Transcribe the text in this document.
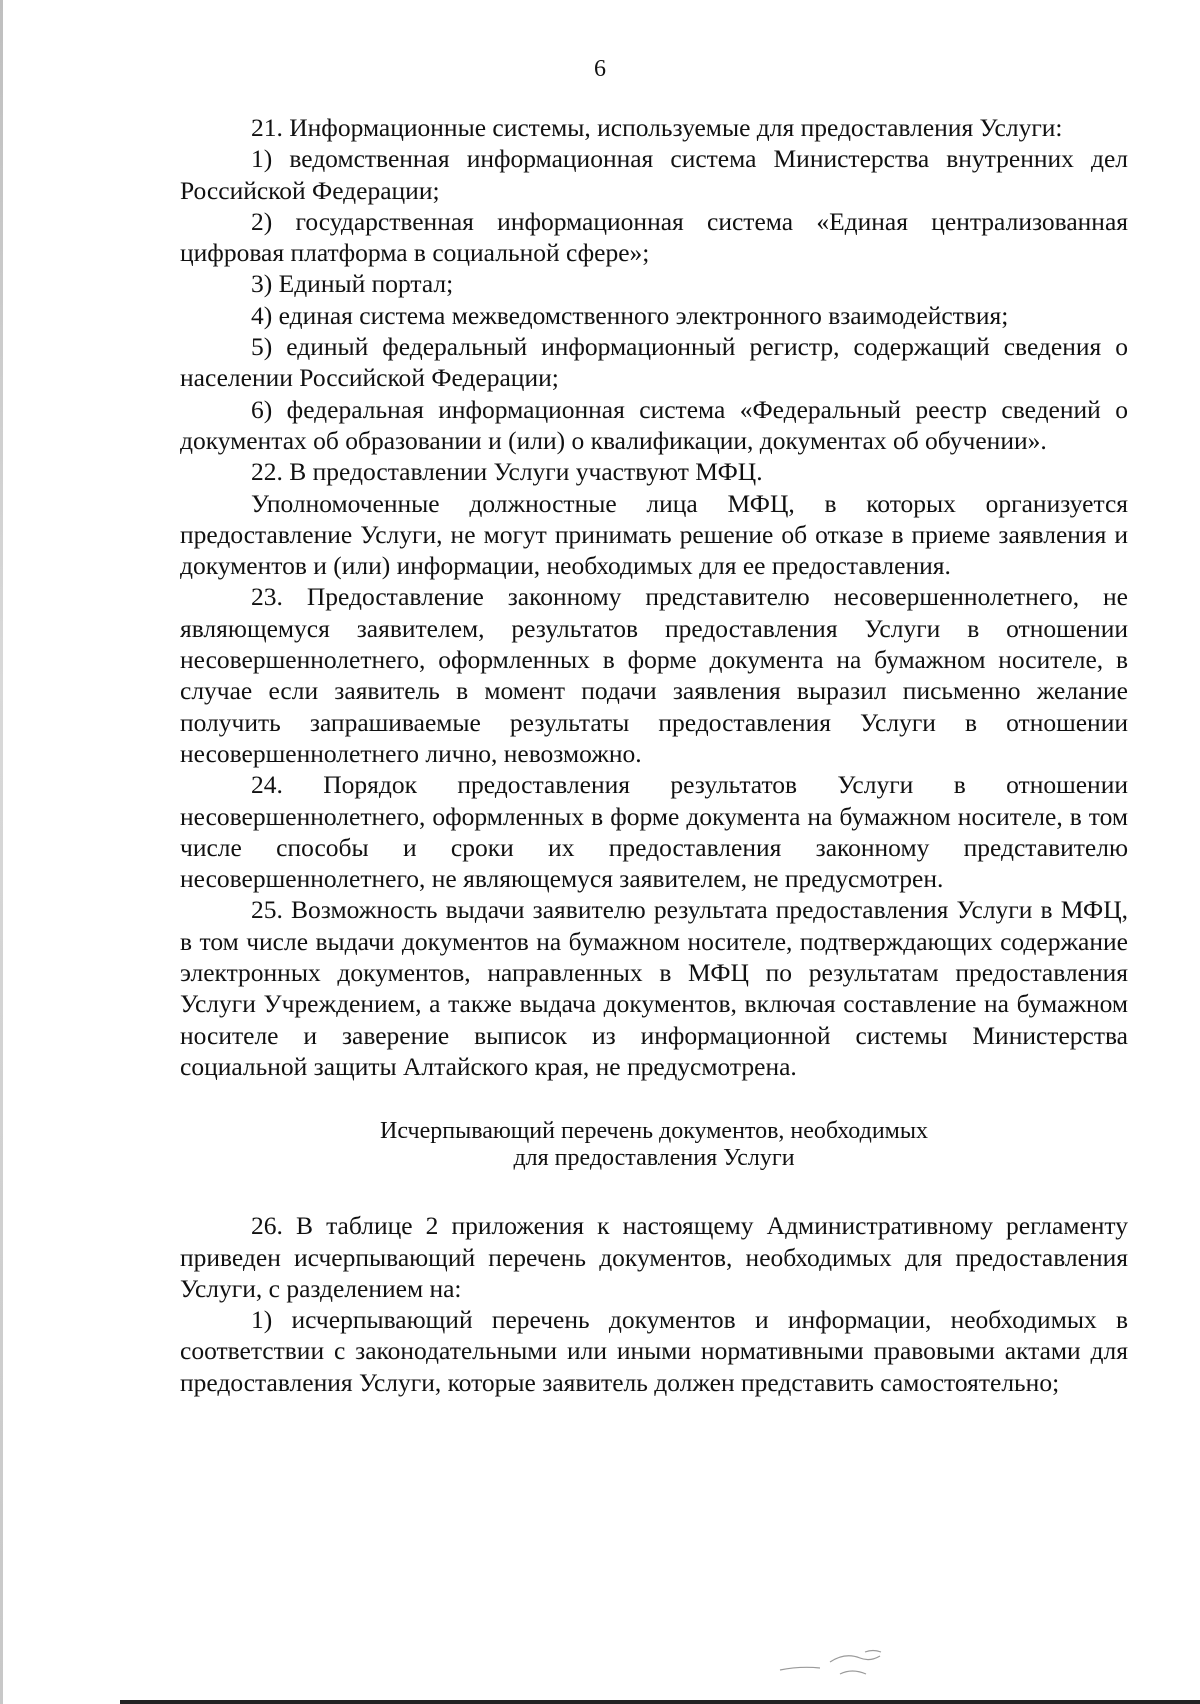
6

21. Информационные системы, используемые для предоставления Услуги:

1) ведомственная информационная система Министерства внутренних дел Российской Федерации;

2) государственная информационная система «Единая централизованная цифровая платформа в социальной сфере»;

3) Единый портал;

4) единая система межведомственного электронного взаимодействия;

5) единый федеральный информационный регистр, содержащий сведения о населении Российской Федерации;

6) федеральная информационная система «Федеральный реестр сведений о документах об образовании и (или) о квалификации, документах об обучении».

22. В предоставлении Услуги участвуют МФЦ.

Уполномоченные должностные лица МФЦ, в которых организуется предоставление Услуги, не могут принимать решение об отказе в приеме заявления и документов и (или) информации, необходимых для ее предоставления.

23. Предоставление законному представителю несовершеннолетнего, не являющемуся заявителем, результатов предоставления Услуги в отношении несовершеннолетнего, оформленных в форме документа на бумажном носителе, в случае если заявитель в момент подачи заявления выразил письменно желание получить запрашиваемые результаты предоставления Услуги в отношении несовершеннолетнего лично, невозможно.

24. Порядок предоставления результатов Услуги в отношении несовершеннолетнего, оформленных в форме документа на бумажном носителе, в том числе способы и сроки их предоставления законному представителю несовершеннолетнего, не являющемуся заявителем, не предусмотрен.

25. Возможность выдачи заявителю результата предоставления Услуги в МФЦ, в том числе выдачи документов на бумажном носителе, подтверждающих содержание электронных документов, направленных в МФЦ по результатам предоставления Услуги Учреждением, а также выдача документов, включая составление на бумажном носителе и заверение выписок из информационной системы Министерства социальной защиты Алтайского края, не предусмотрена.

Исчерпывающий перечень документов, необходимых
для предоставления Услуги

26. В таблице 2 приложения к настоящему Административному регламенту приведен исчерпывающий перечень документов, необходимых для предоставления Услуги, с разделением на:

1) исчерпывающий перечень документов и информации, необходимых в соответствии с законодательными или иными нормативными правовыми актами для предоставления Услуги, которые заявитель должен представить самостоятельно;
